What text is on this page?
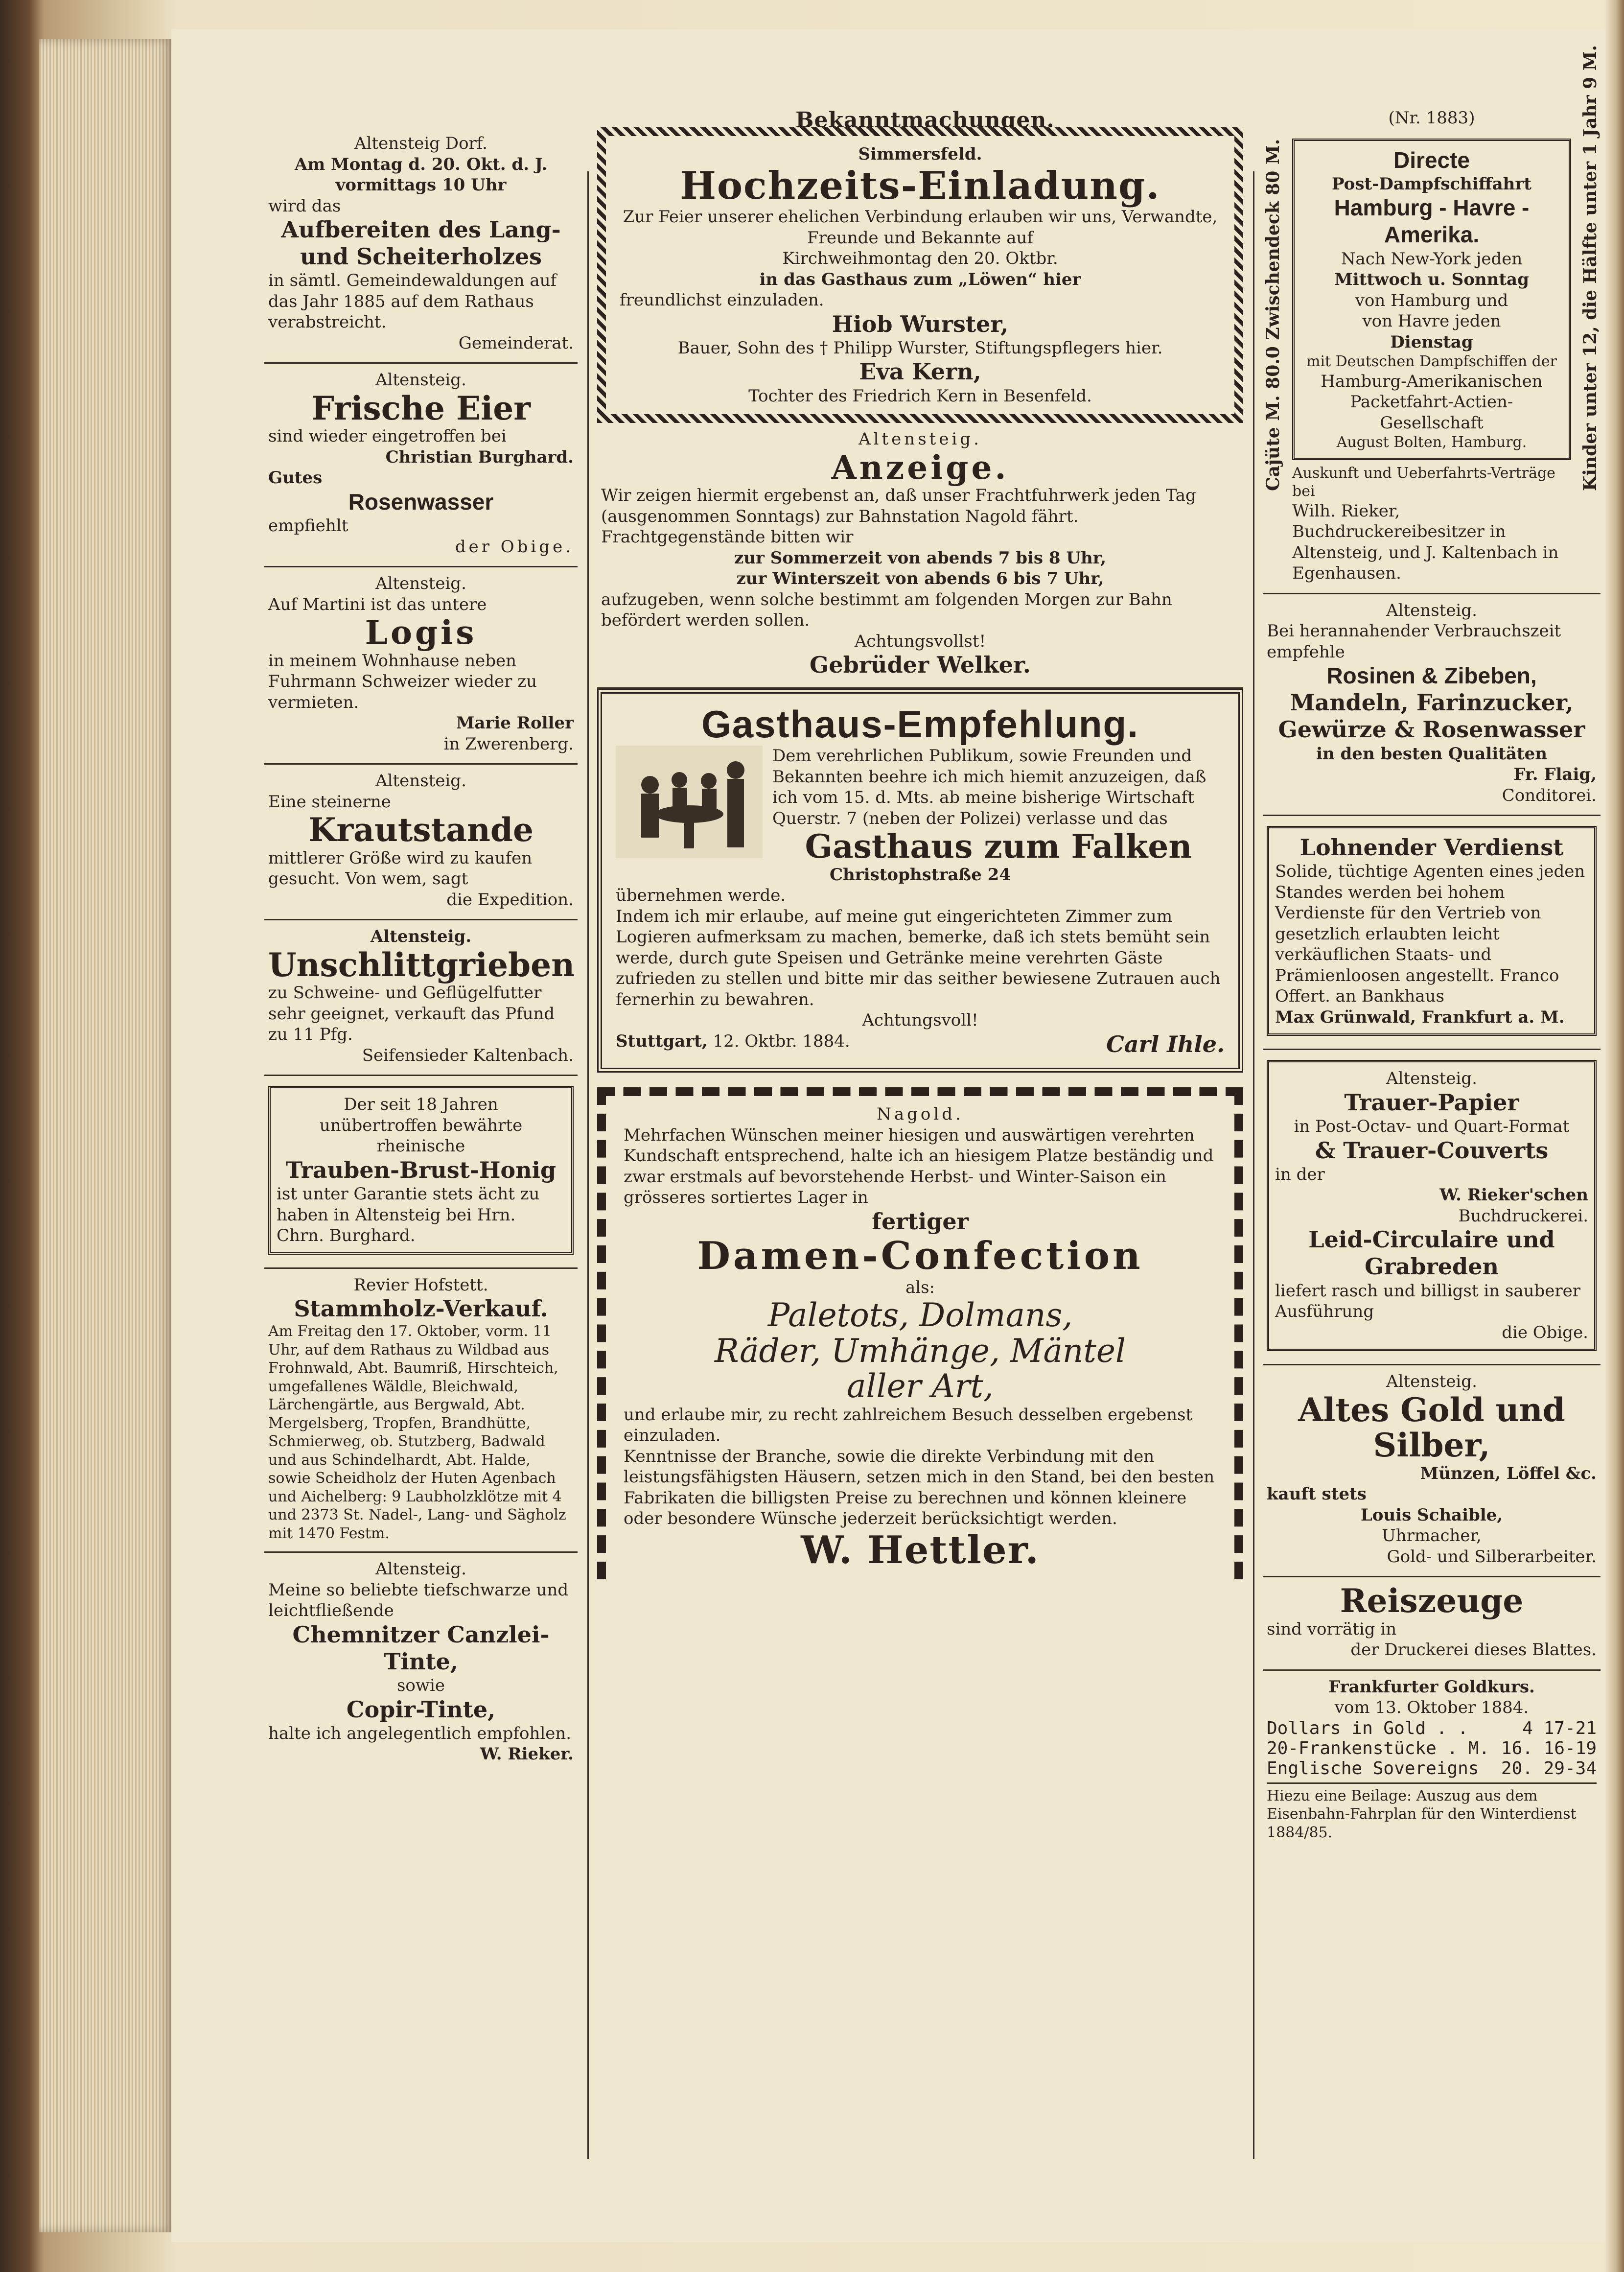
Bekanntmachungen.
Altensteig Dorf.
Am Montag d. 20. Okt. d. J.
vormittags 10 Uhr
wird das
Aufbereiten des Lang- und Scheiterholzes
in sämtl. Gemeindewaldungen auf das Jahr 1885 auf dem Rathaus verabstreicht.
Gemeinderat.
Altensteig.
Frische Eier
sind wieder eingetroffen bei
Christian Burghard.
Gutes
Rosenwasser
empfiehlt
der Obige.
Altensteig.
Auf Martini ist das untere
Logis
in meinem Wohnhause neben Fuhrmann Schweizer wieder zu vermieten.
Marie Roller
in Zwerenberg.
Altensteig.
Eine steinerne
Krautstande
mittlerer Größe wird zu kaufen gesucht. Von wem, sagt
die Expedition.
Altensteig.
Unschlittgrieben
zu Schweine- und Geflügelfutter sehr geeignet, verkauft das Pfund zu 11 Pfg.
Seifensieder Kaltenbach.
Der seit 18 Jahren
unübertroffen bewährte rheinische
Trauben-Brust-Honig
ist unter Garantie stets ächt zu haben in Altensteig bei Hrn. Chrn. Burghard.
Revier Hofstett.
Stammholz-Verkauf.
Am Freitag den 17. Oktober, vorm. 11 Uhr, auf dem Rathaus zu Wildbad aus Frohnwald, Abt. Baumriß, Hirschteich, umgefallenes Wäldle, Bleichwald, Lärchengärtle, aus Bergwald, Abt. Mergelsberg, Tropfen, Brandhütte, Schmierweg, ob. Stutzberg, Badwald und aus Schindelhardt, Abt. Halde, sowie Scheidholz der Huten Agenbach und Aichelberg: 9 Laubholzklötze mit 4 und 2373 St. Nadel-, Lang- und Sägholz mit 1470 Festm.
Altensteig.
Meine so beliebte tiefschwarze und leichtfließende
Chemnitzer Canzlei-Tinte,
sowie
Copir-Tinte,
halte ich angelegentlich empfohlen.
W. Rieker.
Simmersfeld.
Hochzeits-Einladung.
Zur Feier unserer ehelichen Verbindung erlauben wir uns, Verwandte, Freunde und Bekannte auf
Kirchweihmontag den 20. Oktbr.
in das Gasthaus zum „Löwen“ hier
freundlichst einzuladen.
Hiob Wurster,
Bauer, Sohn des † Philipp Wurster, Stiftungspflegers hier.
Eva Kern,
Tochter des Friedrich Kern in Besenfeld.
Altensteig.
Anzeige.
Wir zeigen hiermit ergebenst an, daß unser Frachtfuhrwerk jeden Tag (ausgenommen Sonntags) zur Bahnstation Nagold fährt. Frachtgegenstände bitten wir
zur Sommerzeit von abends 7 bis 8 Uhr,
zur Winterszeit von abends 6 bis 7 Uhr,
aufzugeben, wenn solche bestimmt am folgenden Morgen zur Bahn befördert werden sollen.
Achtungsvollst!
Gebrüder Welker.
Gasthaus-Empfehlung.
Dem verehrlichen Publikum, sowie Freunden und Bekannten beehre ich mich hiemit anzuzeigen, daß ich vom 15. d. Mts. ab meine bisherige Wirtschaft Querstr. 7 (neben der Polizei) verlasse und das
Gasthaus zum Falken
Christophstraße 24
übernehmen werde.
Indem ich mir erlaube, auf meine gut eingerichteten Zimmer zum Logieren aufmerksam zu machen, bemerke, daß ich stets bemüht sein werde, durch gute Speisen und Getränke meine verehrten Gäste zufrieden zu stellen und bitte mir das seither bewiesene Zutrauen auch fernerhin zu bewahren.
Achtungsvoll!
Stuttgart, 12. Oktbr. 1884.	Carl Ihle.
Nagold.
Mehrfachen Wünschen meiner hiesigen und auswärtigen verehrten Kundschaft entsprechend, halte ich an hiesigem Platze beständig und zwar erstmals auf bevorstehende Herbst- und Winter-Saison ein grösseres sortiertes Lager in
fertiger
Damen-Confection
als:
Paletots, Dolmans,
Räder, Umhänge, Mäntel
aller Art,
und erlaube mir, zu recht zahlreichem Besuch desselben ergebenst einzuladen.
Kenntnisse der Branche, sowie die direkte Verbindung mit den leistungsfähigsten Häusern, setzen mich in den Stand, bei den besten Fabrikaten die billigsten Preise zu berechnen und können kleinere oder besondere Wünsche jederzeit berücksichtigt werden.
W. Hettler.
(Nr. 1883)
Cajüte M. 80.0 Zwischendeck 80 M.	Kinder unter 12, die Hälfte unter 1 Jahr 9 M.
Directe
Post-Dampfschiffahrt
Hamburg - Havre - Amerika.
Nach New-York jeden
Mittwoch u. Sonntag
von Hamburg und
von Havre jeden
Dienstag
mit Deutschen Dampfschiffen der
Hamburg-Amerikanischen Packetfahrt-Actien-Gesellschaft
August Bolten, Hamburg.
Auskunft und Ueberfahrts-Verträge bei
Wilh. Rieker, Buchdruckereibesitzer in Altensteig, und J. Kaltenbach in Egenhausen.
Altensteig.
Bei herannahender Verbrauchszeit empfehle
Rosinen & Zibeben,
Mandeln, Farinzucker,
Gewürze & Rosenwasser
in den besten Qualitäten
Fr. Flaig,
Conditorei.
Lohnender Verdienst
Solide, tüchtige Agenten eines jeden Standes werden bei hohem Verdienste für den Vertrieb von gesetzlich erlaubten leicht verkäuflichen Staats- und Prämienloosen angestellt. Franco Offert. an Bankhaus
Max Grünwald, Frankfurt a. M.
Altensteig.
Trauer-Papier
in Post-Octav- und Quart-Format
& Trauer-Couverts
in der
W. Rieker'schen
Buchdruckerei.
Leid-Circulaire und Grabreden
liefert rasch und billigst in sauberer Ausführung
die Obige.
Altensteig.
Altes Gold und Silber,
Münzen, Löffel &c.
kauft stets
Louis Schaible,
Uhrmacher,
Gold- und Silberarbeiter.
Reiszeuge
sind vorrätig in
der Druckerei dieses Blattes.
Frankfurter Goldkurs.
vom 13. Oktober 1884.
Dollars in Gold . .	4 17-21
20-Frankenstücke . M. 16. 16-19
Englische Sovereigns 20. 29-34
Hiezu eine Beilage: Auszug aus dem Eisenbahn-Fahrplan für den Winterdienst 1884/85.
